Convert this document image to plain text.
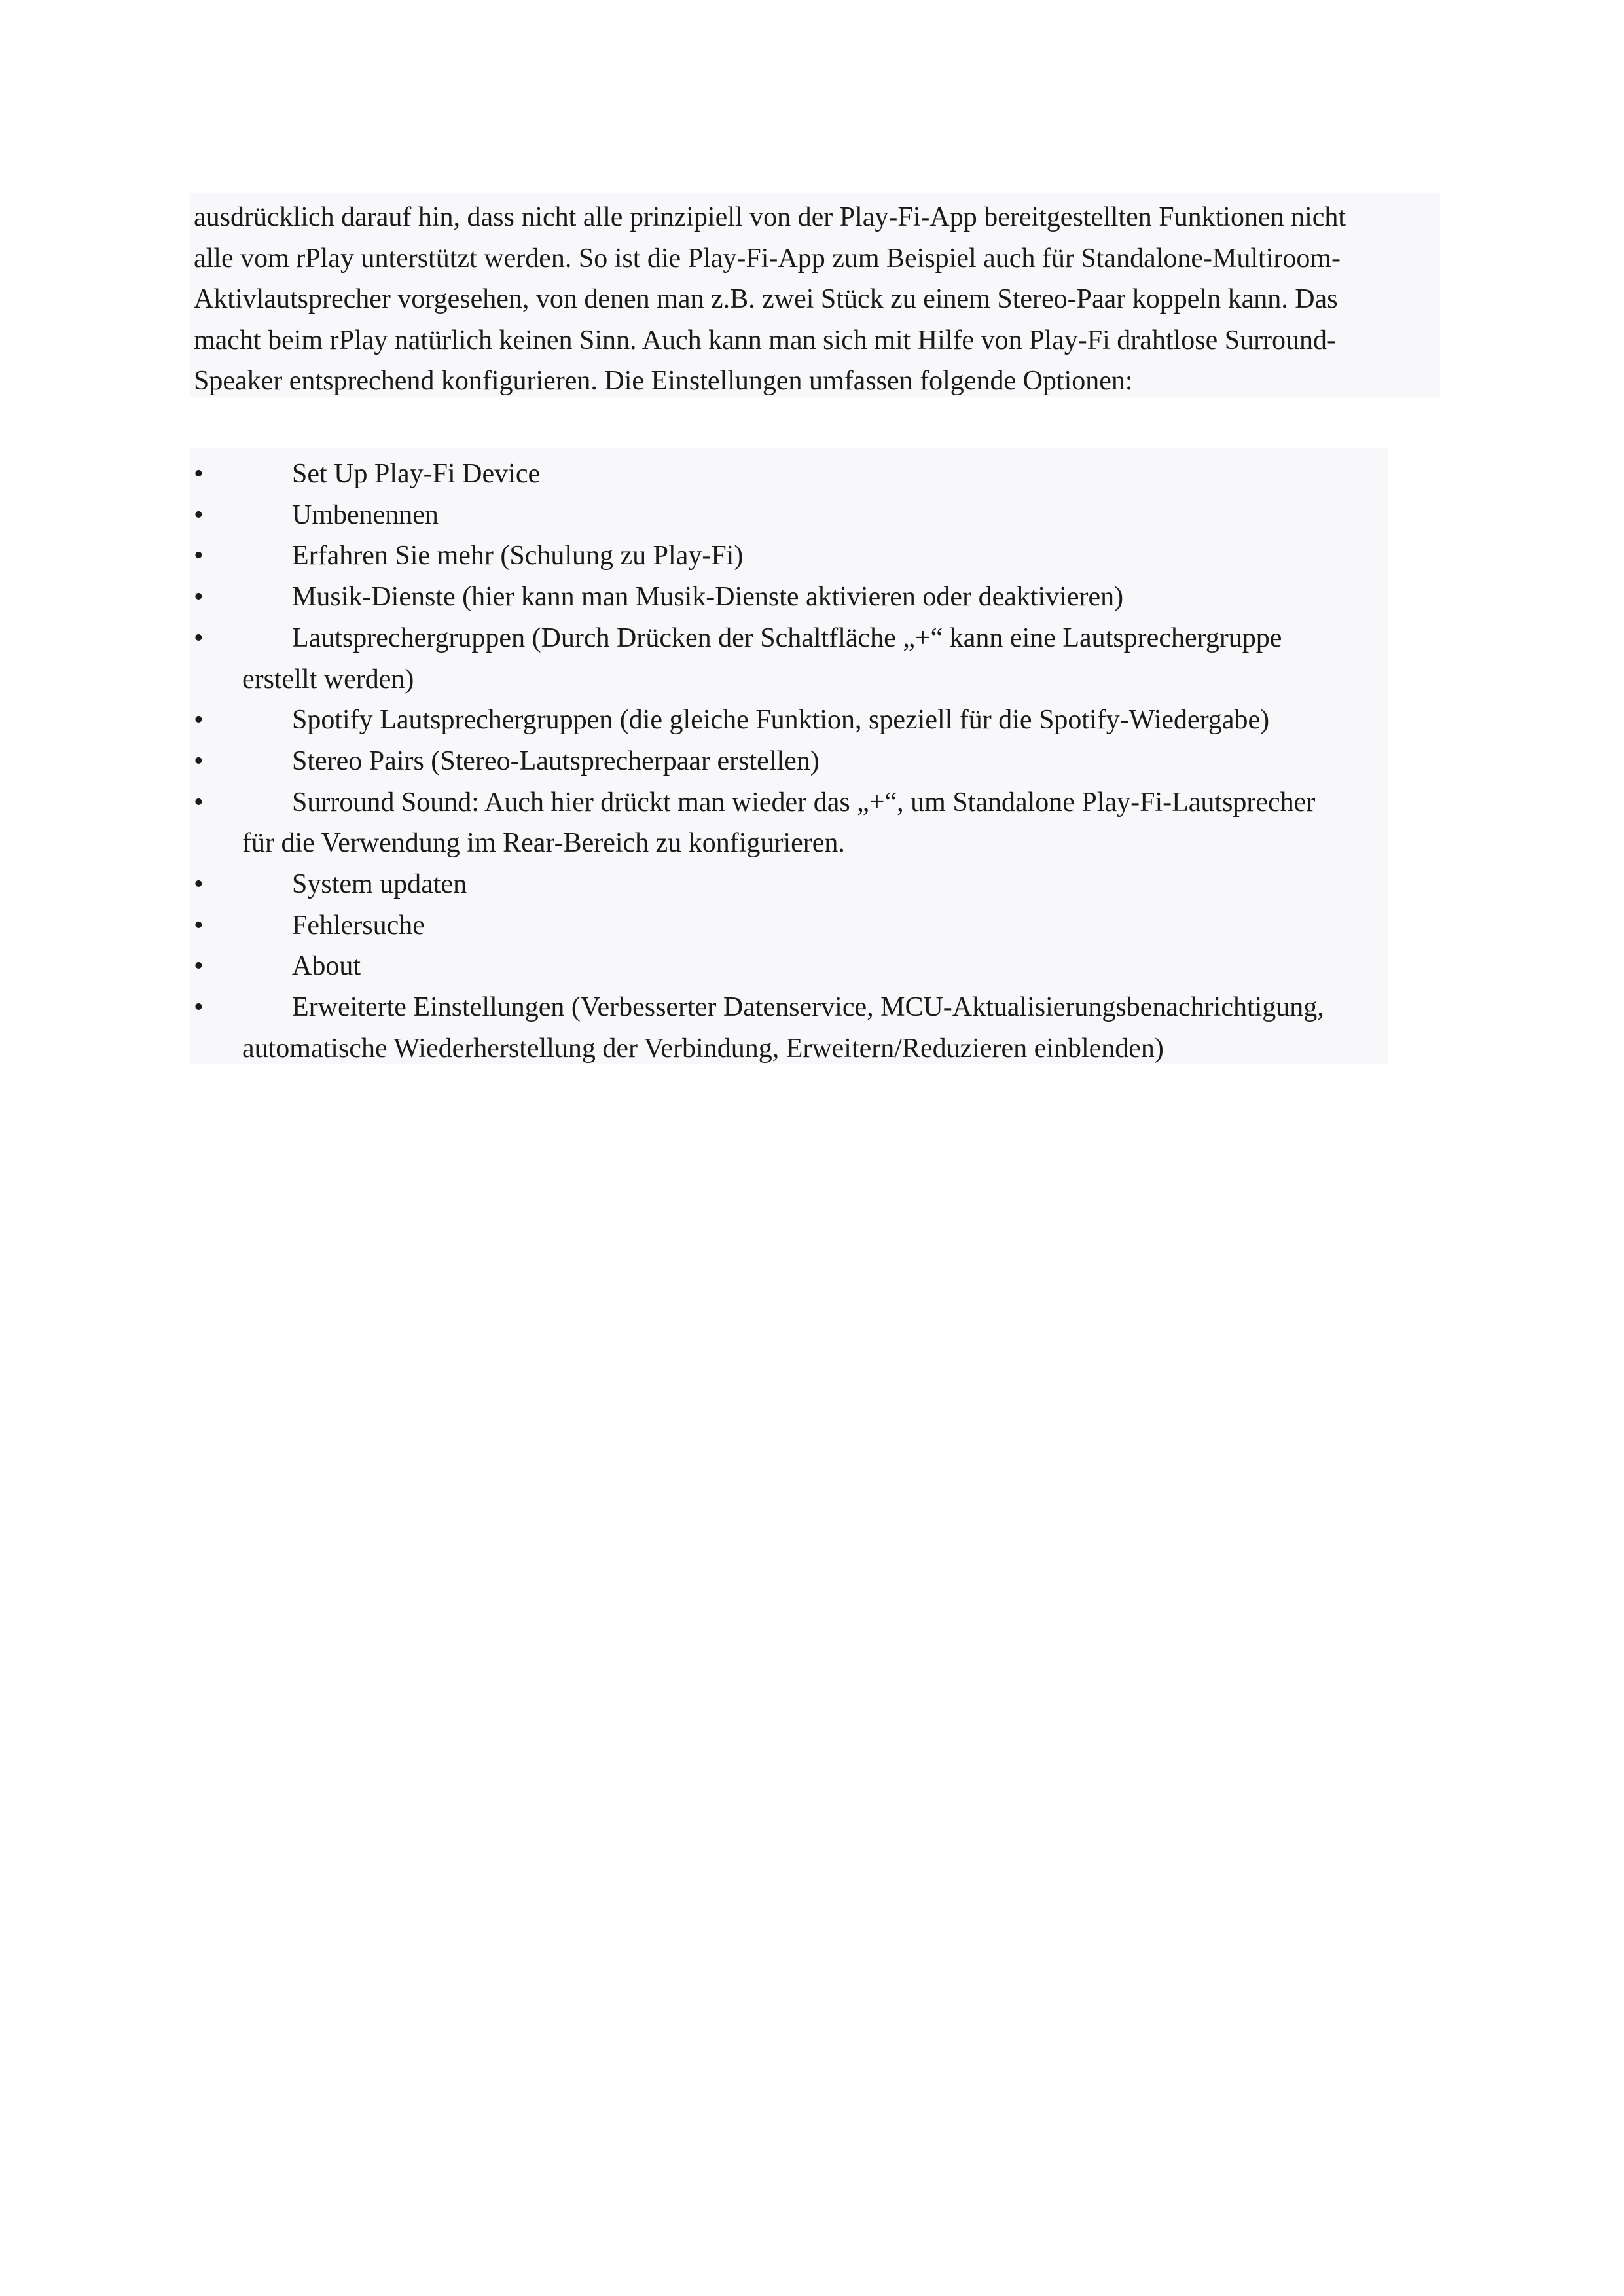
ausdrücklich darauf hin, dass nicht alle prinzipiell von der Play-Fi-App bereitgestellten Funktionen nicht
alle vom rPlay unterstützt werden. So ist die Play-Fi-App zum Beispiel auch für Standalone-Multiroom-
Aktivlautsprecher vorgesehen, von denen man z.B. zwei Stück zu einem Stereo-Paar koppeln kann. Das
macht beim rPlay natürlich keinen Sinn. Auch kann man sich mit Hilfe von Play-Fi drahtlose Surround-
Speaker entsprechend konfigurieren. Die Einstellungen umfassen folgende Optionen:
•	Set Up Play-Fi Device
•	Umbenennen
•	Erfahren Sie mehr (Schulung zu Play-Fi)
•	Musik-Dienste (hier kann man Musik-Dienste aktivieren oder deaktivieren)
•	Lautsprechergruppen (Durch Drücken der Schaltfläche „+“ kann eine Lautsprechergruppe
erstellt werden)
•	Spotify Lautsprechergruppen (die gleiche Funktion, speziell für die Spotify-Wiedergabe)
•	Stereo Pairs (Stereo-Lautsprecherpaar erstellen)
•	Surround Sound: Auch hier drückt man wieder das „+“, um Standalone Play-Fi-Lautsprecher
für die Verwendung im Rear-Bereich zu konfigurieren.
•	System updaten
•	Fehlersuche
•	About
•	Erweiterte Einstellungen (Verbesserter Datenservice, MCU-Aktualisierungsbenachrichtigung,
automatische Wiederherstellung der Verbindung, Erweitern/Reduzieren einblenden)
